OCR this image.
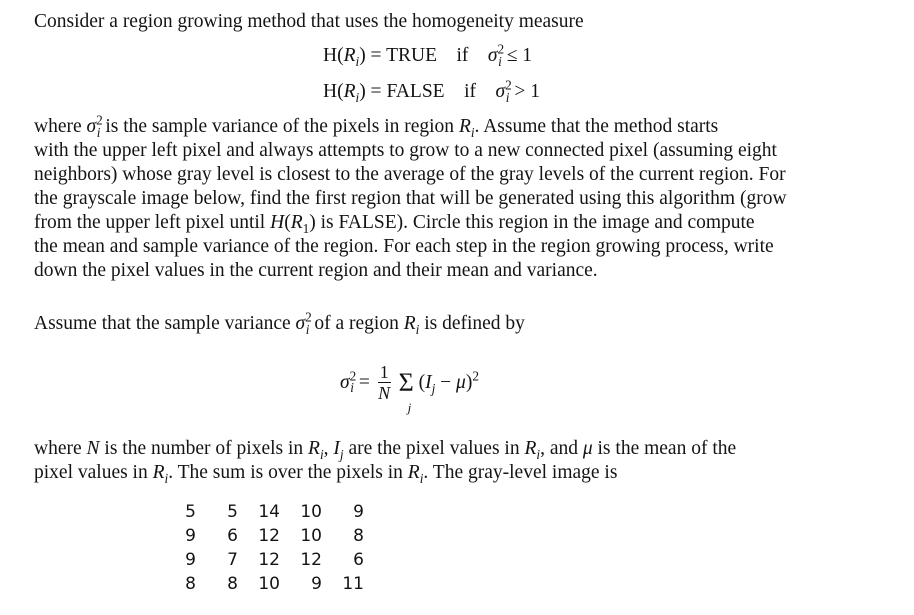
Consider a region growing method that uses the homogeneity measure
$H(R_i)$ = TRUE if $\sigma^2_i \le 1$
$H(R_i)$ = FALSE if $\sigma^2_i > 1$
where $\sigma^2_i$ is the sample variance of the pixels in region $R_i$. Assume that the method starts
with the upper left pixel and always attempts to grow to a new connected pixel (assuming eight
neighbors) whose gray level is closest to the average of the gray levels of the current region. For
the grayscale image below, find the first region that will be generated using this algorithm (grow
from the upper left pixel until $H(R_1)$ is FALSE). Circle this region in the image and compute
the mean and sample variance of the region. For each step in the region growing process, write
down the pixel values in the current region and their mean and variance.
Assume that the sample variance $\sigma^2_i$ of a region $R_i$ is defined by
$\sigma^2_i = \frac{1}{N}$
Σ
j
$(I_j - \mu)^2$
where N is the number of pixels in $R_i$, $I_j$ are the pixel values in $R_i$, and μ is the mean of the
pixel values in $R_i$. The sum is over the pixels in $R_i$. The gray-level image is
5	5	14	10	9
9	6	12	10	8
9	7	12	12	6
8	8	10	9	11
